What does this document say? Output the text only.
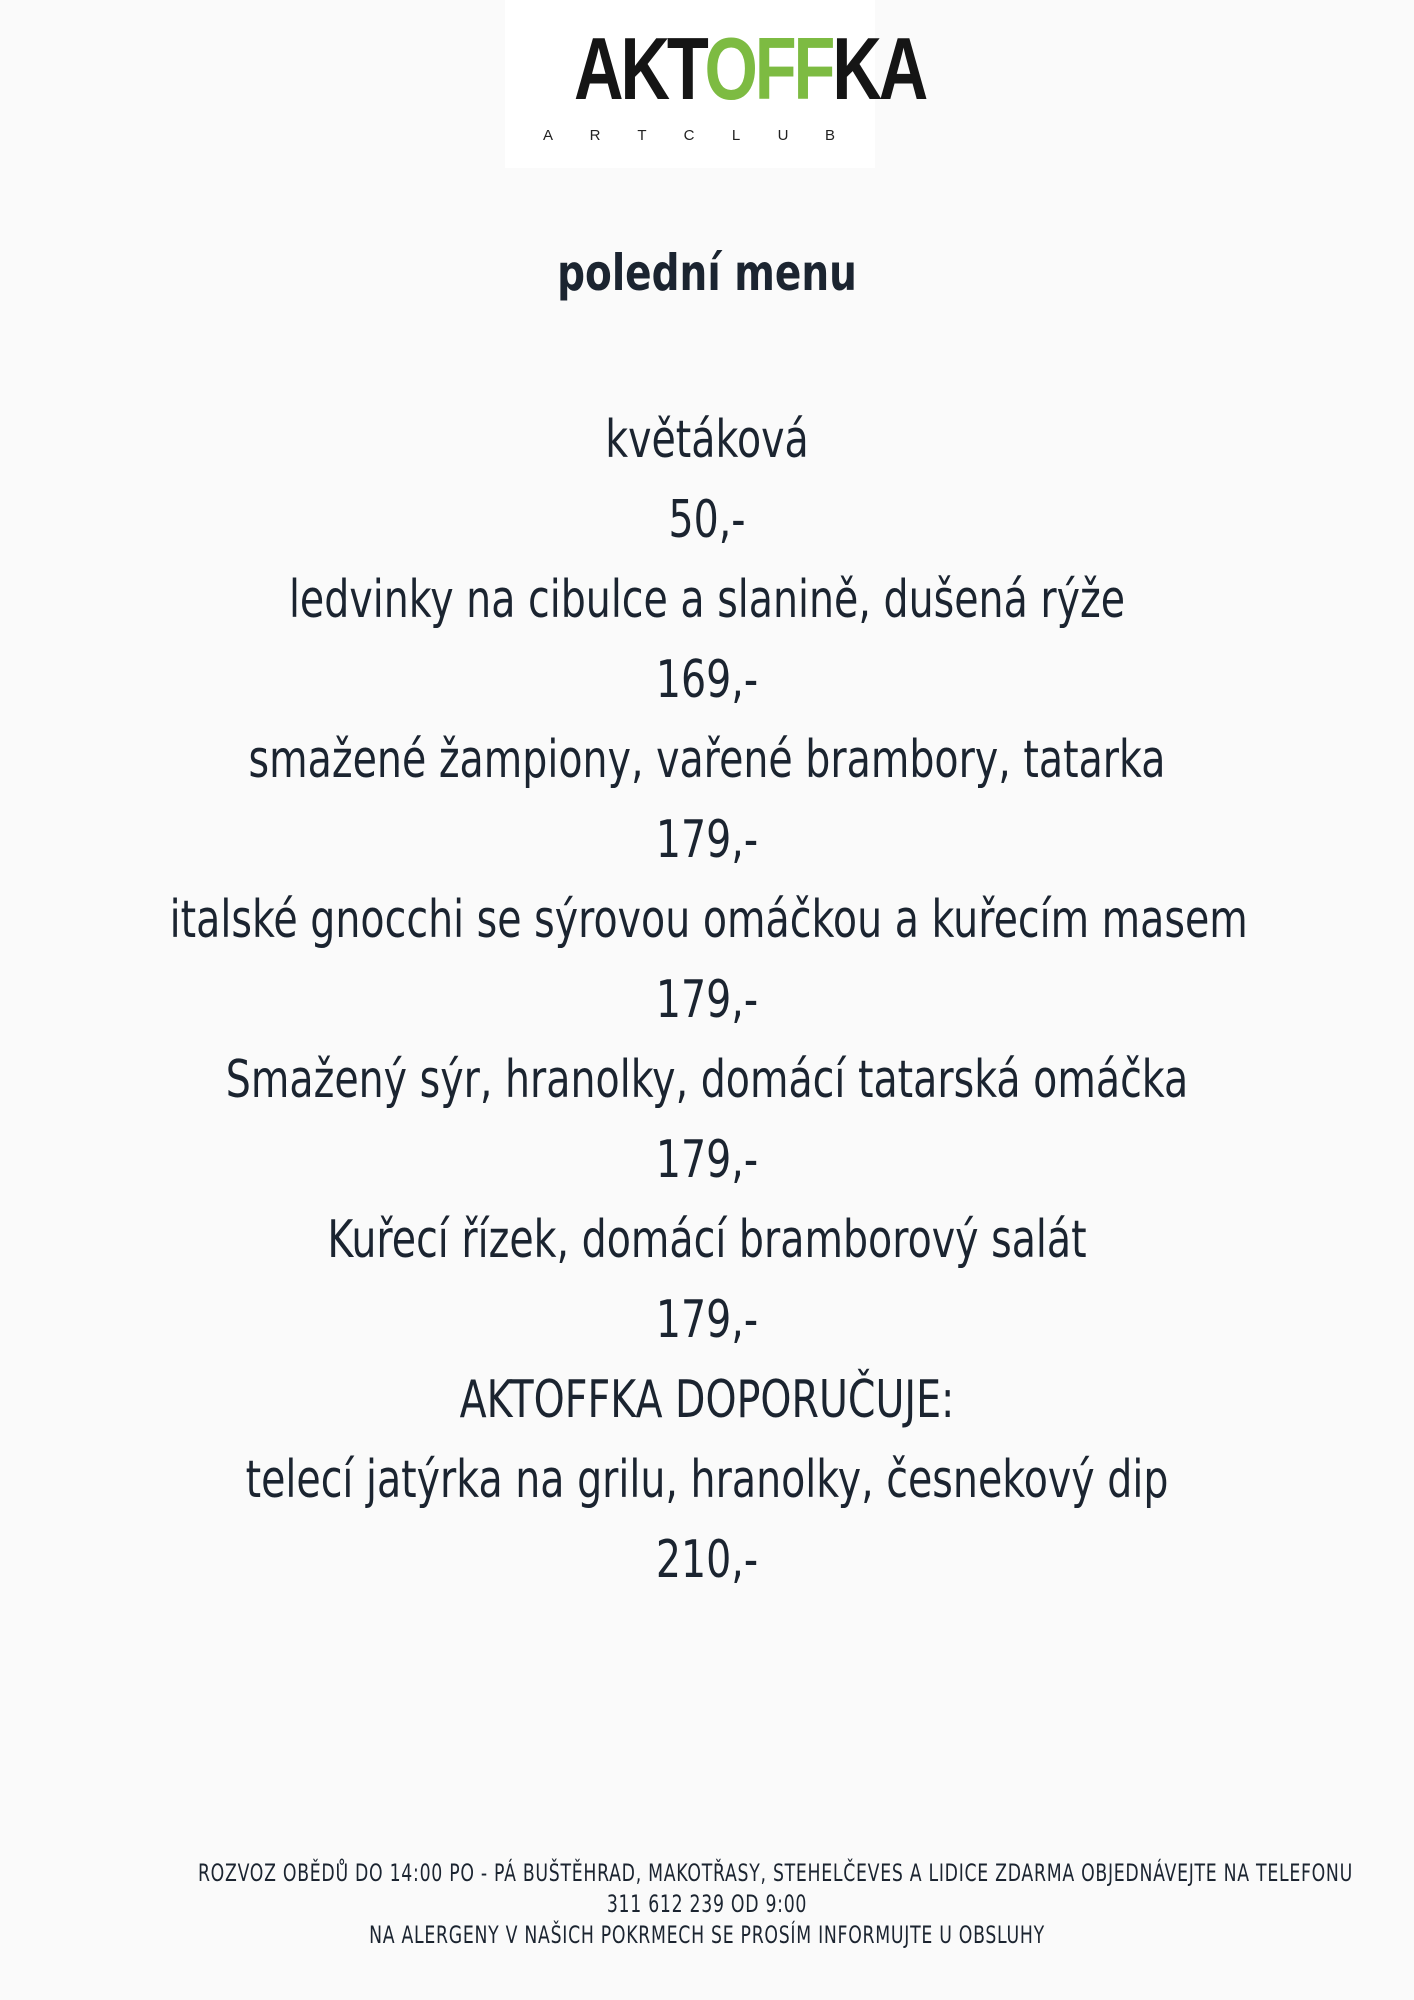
AKTOFFKA
A R T C	L	U B
polední menu
květáková
50,-
ledvinky na cibulce a slanině, dušená rýže
169,-
smažené žampiony, vařené brambory, tatarka
179,-
italské gnocchi se sýrovou omáčkou a kuřecím masem
179,-
Smažený sýr, hranolky, domácí tatarská omáčka
179,-
Kuřecí řízek, domácí bramborový salát
179,-
AKTOFFKA DOPORUČUJE:
telecí jatýrka na grilu, hranolky, česnekový dip
210,-
ROZVOZ OBĚDŮ DO 14:00 PO - PÁ BUŠTĚHRAD, MAKOTŘASY, STEHELČEVES A LIDICE ZDARMA OBJEDNÁVEJTE NA TELEFONU
311 612 239 OD 9:00
NA ALERGENY V NAŠICH POKRMECH SE PROSÍM INFORMUJTE U OBSLUHY
